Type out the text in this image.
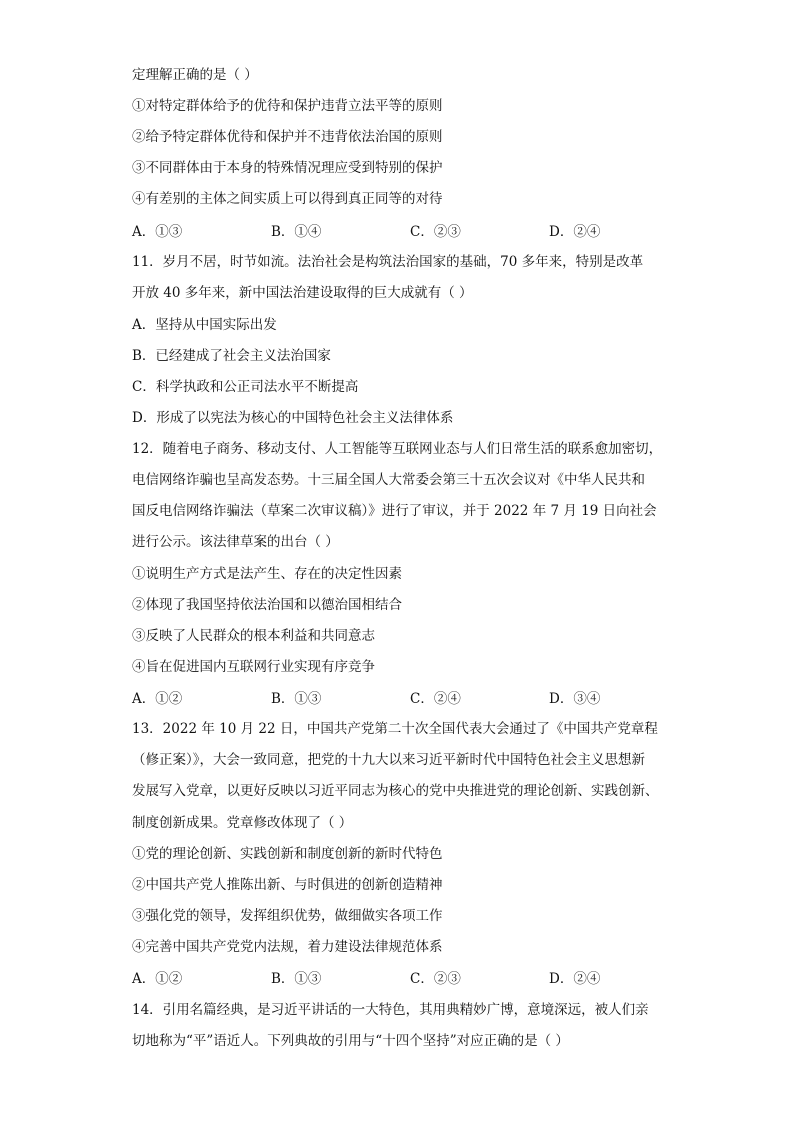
定理解正确的是（ ）
①对特定群体给予的优待和保护违背立法平等的原则
②给予特定群体优待和保护并不违背依法治国的原则
③不同群体由于本身的特殊情况理应受到特别的保护
④有差别的主体之间实质上可以得到真正同等的对待
A．①③	B．①④	C．②③	D．②④
11．岁月不居，时节如流。法治社会是构筑法治国家的基础，70 多年来，特别是改革
开放 40 多年来，新中国法治建设取得的巨大成就有（ ）
A．坚持从中国实际出发
B．已经建成了社会主义法治国家
C．科学执政和公正司法水平不断提高
D．形成了以宪法为核心的中国特色社会主义法律体系
12．随着电子商务、移动支付、人工智能等互联网业态与人们日常生活的联系愈加密切，
电信网络诈骗也呈高发态势。十三届全国人大常委会第三十五次会议对《中华人民共和
国反电信网络诈骗法（草案二次审议稿）》进行了审议，并于 2022 年 7 月 19 日向社会
进行公示。该法律草案的出台（ ）
①说明生产方式是法产生、存在的决定性因素
②体现了我国坚持依法治国和以德治国相结合
③反映了人民群众的根本利益和共同意志
④旨在促进国内互联网行业实现有序竞争
A．①②	B．①③	C．②④	D．③④
13．2022 年 10 月 22 日，中国共产党第二十次全国代表大会通过了《中国共产党章程
（修正案）》，大会一致同意，把党的十九大以来习近平新时代中国特色社会主义思想新
发展写入党章，以更好反映以习近平同志为核心的党中央推进党的理论创新、实践创新、
制度创新成果。党章修改体现了（ ）
①党的理论创新、实践创新和制度创新的新时代特色
②中国共产党人推陈出新、与时俱进的创新创造精神
③强化党的领导，发挥组织优势，做细做实各项工作
④完善中国共产党党内法规，着力建设法律规范体系
A．①②	B．①③	C．②③	D．②④
14．引用名篇经典，是习近平讲话的一大特色，其用典精妙广博，意境深远，被人们亲
切地称为“平”语近人。下列典故的引用与“十四个坚持”对应正确的是（ ）
